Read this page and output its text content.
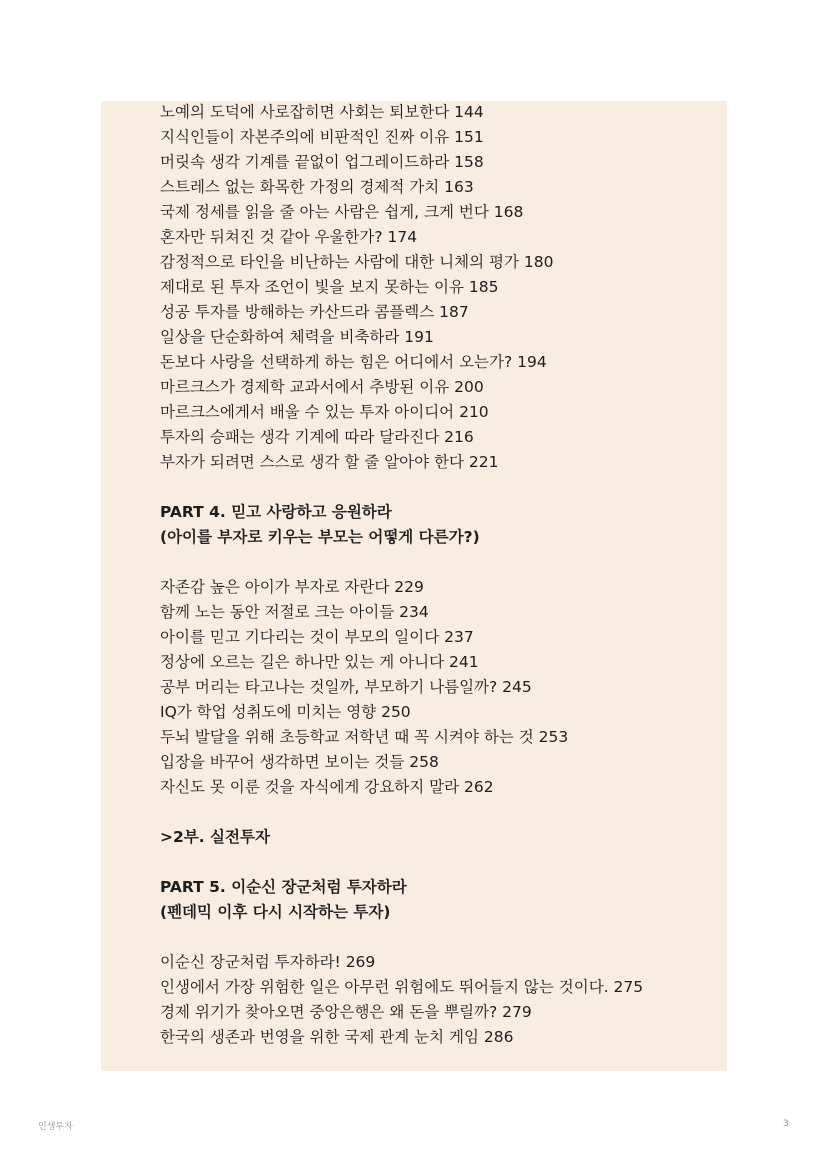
노예의 도덕에 사로잡히면 사회는 퇴보한다 144
지식인들이 자본주의에 비판적인 진짜 이유 151
머릿속 생각 기계를 끝없이 업그레이드하라 158
스트레스 없는 화목한 가정의 경제적 가치 163
국제 정세를 읽을 줄 아는 사람은 쉽게, 크게 번다 168
혼자만 뒤쳐진 것 같아 우울한가? 174
감정적으로 타인을 비난하는 사람에 대한 니체의 평가 180
제대로 된 투자 조언이 빛을 보지 못하는 이유 185
성공 투자를 방해하는 카산드라 콤플렉스 187
일상을 단순화하여 체력을 비축하라 191
돈보다 사랑을 선택하게 하는 힘은 어디에서 오는가? 194
마르크스가 경제학 교과서에서 추방된 이유 200
마르크스에게서 배울 수 있는 투자 아이디어 210
투자의 승패는 생각 기계에 따라 달라진다 216
부자가 되려면 스스로 생각 할 줄 알아야 한다 221
PART 4. 믿고 사랑하고 응원하라
(아이를 부자로 키우는 부모는 어떻게 다른가?)
자존감 높은 아이가 부자로 자란다 229
함께 노는 동안 저절로 크는 아이들 234
아이를 믿고 기다리는 것이 부모의 일이다 237
정상에 오르는 길은 하나만 있는 게 아니다 241
공부 머리는 타고나는 것일까, 부모하기 나름일까? 245
IQ가 학업 성취도에 미치는 영향 250
두뇌 발달을 위해 초등학교 저학년 때 꼭 시켜야 하는 것 253
입장을 바꾸어 생각하면 보이는 것들 258
자신도 못 이룬 것을 자식에게 강요하지 말라 262
>2부. 실전투자
PART 5. 이순신 장군처럼 투자하라
(펜데믹 이후 다시 시작하는 투자)
이순신 장군처럼 투자하라! 269
인생에서 가장 위험한 일은 아무런 위험에도 뛰어들지 않는 것이다. 275
경제 위기가 찾아오면 중앙은행은 왜 돈을 뿌릴까? 279
한국의 생존과 번영을 위한 국제 관계 눈치 게임 286
인생투자	3
